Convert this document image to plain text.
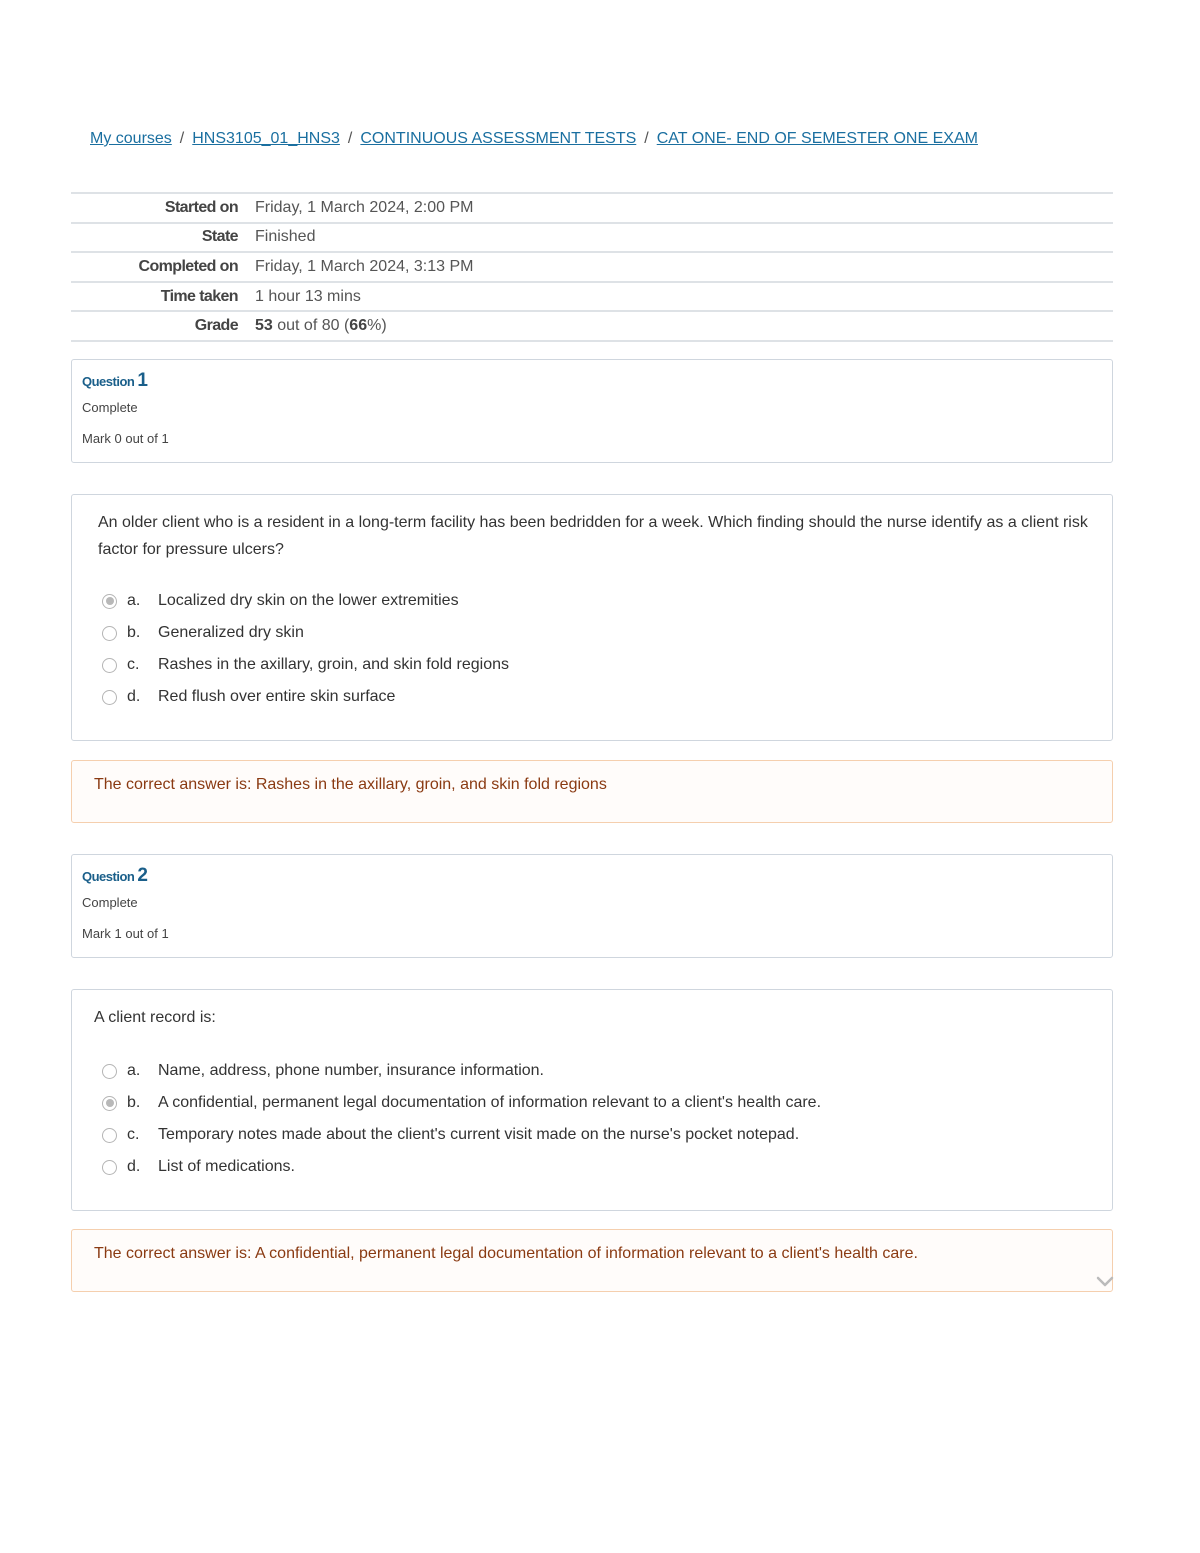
My courses / HNS3105_01_HNS3 / CONTINUOUS ASSESSMENT TESTS / CAT ONE- END OF SEMESTER ONE EXAM
Started on Friday, 1 March 2024, 2:00 PM
State Finished
Completed on Friday, 1 March 2024, 3:13 PM
Time taken 1 hour 13 mins
Grade 53 out of 80 (66%)
Question 1
Complete
Mark 0 out of 1
An older client who is a resident in a long-term facility has been bedridden for a week. Which finding should the nurse identify as a client risk factor for pressure ulcers?
a.	Localized dry skin on the lower extremities
b.	Generalized dry skin
c.	Rashes in the axillary, groin, and skin fold regions
d.	Red flush over entire skin surface
The correct answer is: Rashes in the axillary, groin, and skin fold regions
Question 2
Complete
Mark 1 out of 1
A client record is:
a.	Name, address, phone number, insurance information.
b.	A confidential, permanent legal documentation of information relevant to a client's health care.
c.	Temporary notes made about the client's current visit made on the nurse's pocket notepad.
d.	List of medications.
The correct answer is: A confidential, permanent legal documentation of information relevant to a client's health care.
